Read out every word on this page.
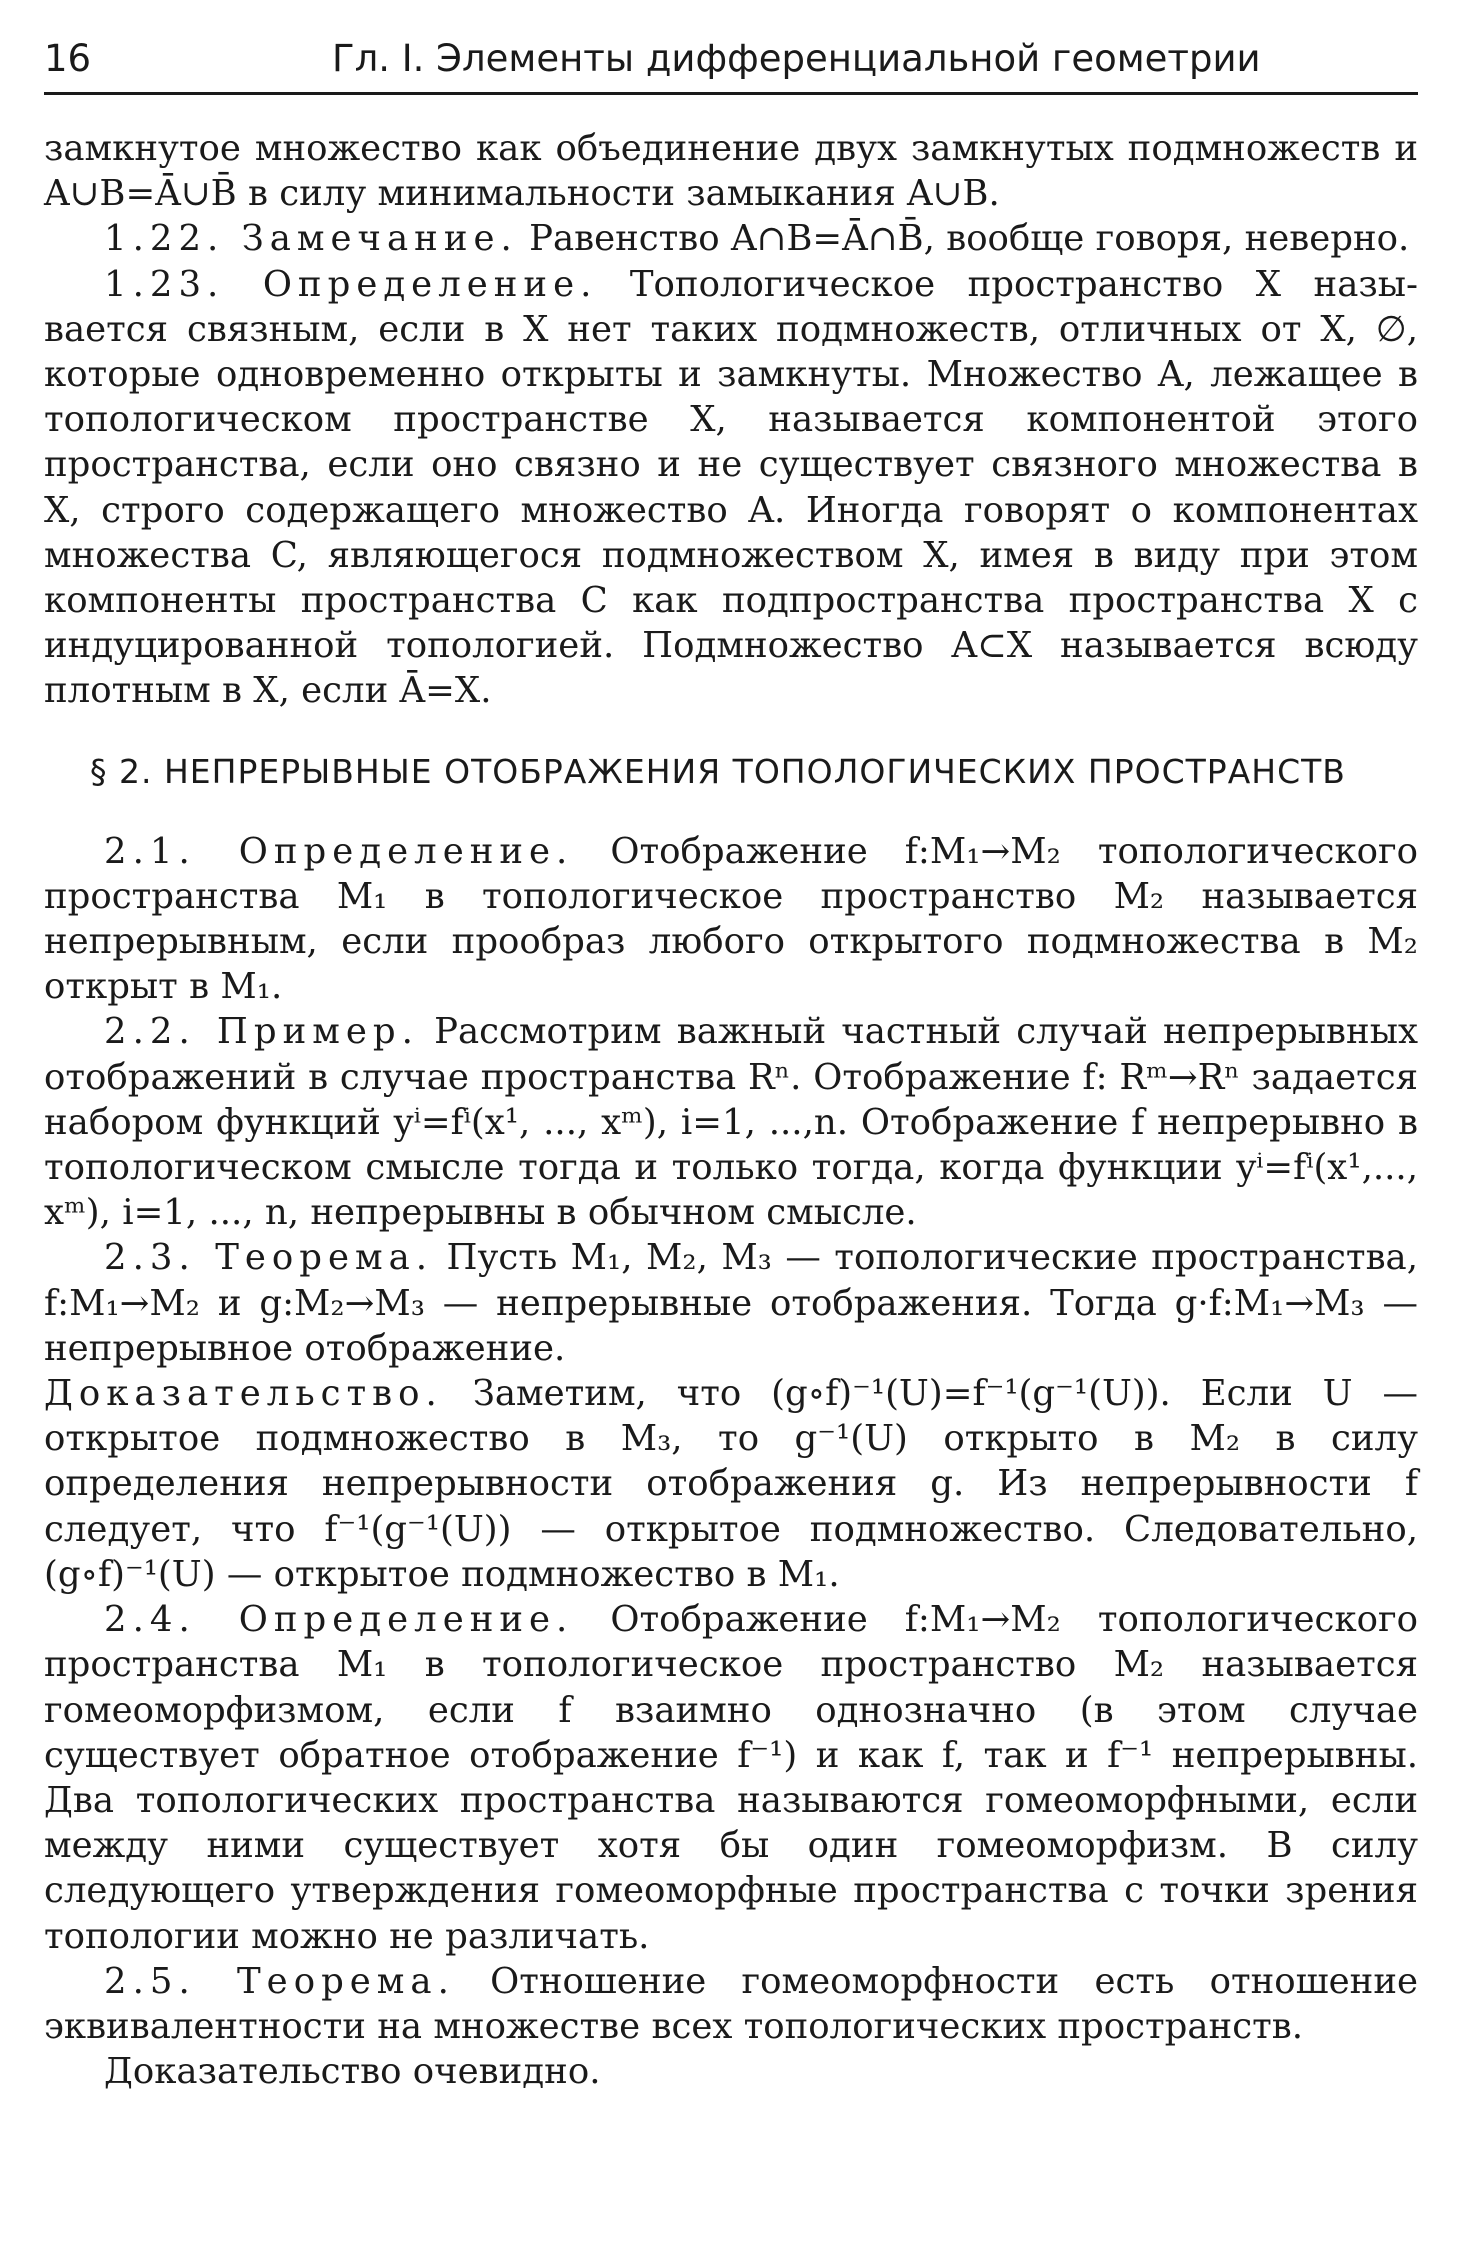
16	Гл. I. Элементы дифференциальной геометрии

замкнутое множество как объединение двух замкнутых подмножеств и A∪B=Ā∪B̄ в силу минимальности замыкания A∪B.

1.22. Замечание. Равенство A∩B=Ā∩B̄, вообще говоря, неверно.

1.23. Определение. Топологическое пространство X называется связным, если в X нет таких подмножеств, отличных от X, ∅, которые одновременно открыты и замкнуты. Множество A, лежащее в топологическом пространстве X, называется компонентой этого пространства, если оно связно и не существует связного множества в X, строго содержащего множество A. Иногда говорят о компонентах множества C, являющегося подмножеством X, имея в виду при этом компоненты пространства C как подпространства пространства X с индуцированной топологией. Подмножество A⊂X называется всюду плотным в X, если Ā=X.

§ 2. НЕПРЕРЫВНЫЕ ОТОБРАЖЕНИЯ ТОПОЛОГИЧЕСКИХ ПРОСТРАНСТВ

2.1. Определение. Отображение f:M₁→M₂ топологического пространства M₁ в топологическое пространство M₂ называется непрерывным, если прообраз любого открытого подмножества в M₂ открыт в M₁.

2.2. Пример. Рассмотрим важный частный случай непрерывных отображений в случае пространства Rⁿ. Отображение f: Rᵐ→Rⁿ задается набором функций yⁱ=fⁱ(x¹, ..., xᵐ), i=1, ...,n. Отображение f непрерывно в топологическом смысле тогда и только тогда, когда функции yⁱ=fⁱ(x¹,..., xᵐ), i=1, ..., n, непрерывны в обычном смысле.

2.3. Теорема. Пусть M₁, M₂, M₃ — топологические пространства, f:M₁→M₂ и g:M₂→M₃ — непрерывные отображения. Тогда g·f:M₁→M₃ — непрерывное отображение.

Доказательство. Заметим, что (g∘f)⁻¹(U)=f⁻¹(g⁻¹(U)). Если U — открытое подмножество в M₃, то g⁻¹(U) открыто в M₂ в силу определения непрерывности отображения g. Из непрерывности f следует, что f⁻¹(g⁻¹(U)) — открытое подмножество. Следовательно, (g∘f)⁻¹(U) — открытое подмножество в M₁.

2.4. Определение. Отображение f:M₁→M₂ топологического пространства M₁ в топологическое пространство M₂ называется гомеоморфизмом, если f взаимно однозначно (в этом случае существует обратное отображение f⁻¹) и как f, так и f⁻¹ непрерывны. Два топологических пространства называются гомеоморфными, если между ними существует хотя бы один гомеоморфизм. В силу следующего утверждения гомеоморфные пространства с точки зрения топологии можно не различать.

2.5. Теорема. Отношение гомеоморфности есть отношение эквивалентности на множестве всех топологических пространств.

Доказательство очевидно.
